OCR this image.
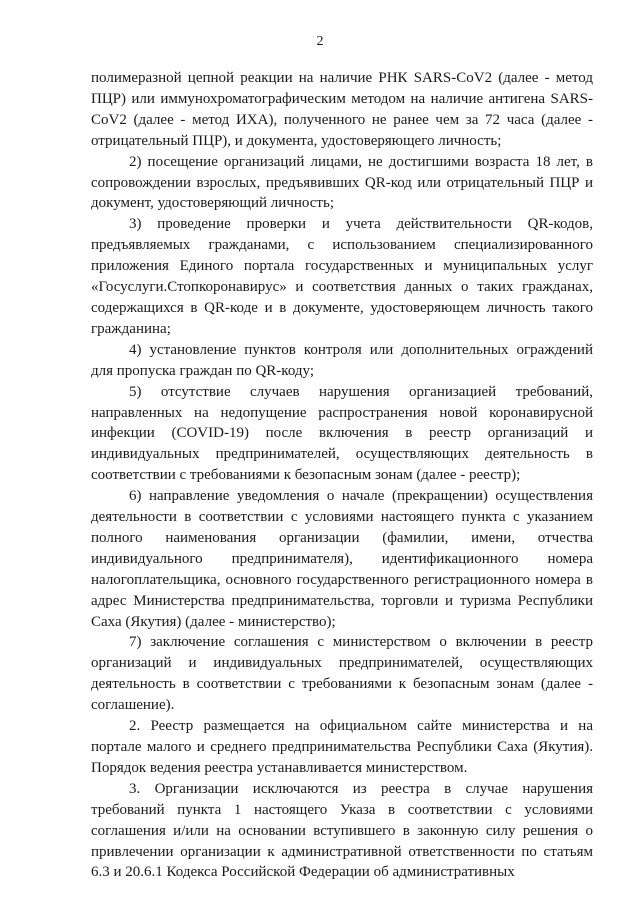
2

полимеразной цепной реакции на наличие РНК SARS-CoV2 (далее - метод ПЦР) или иммунохроматографическим методом на наличие антигена SARS-CoV2 (далее - метод ИХА), полученного не ранее чем за 72 часа (далее - отрицательный ПЦР), и документа, удостоверяющего личность;

2) посещение организаций лицами, не достигшими возраста 18 лет, в сопровождении взрослых, предъявивших QR-код или отрицательный ПЦР и документ, удостоверяющий личность;

3) проведение проверки и учета действительности QR-кодов, предъявляемых гражданами, с использованием специализированного приложения Единого портала государственных и муниципальных услуг «Госуслуги.Стопкоронавирус» и соответствия данных о таких гражданах, содержащихся в QR-коде и в документе, удостоверяющем личность такого гражданина;

4) установление пунктов контроля или дополнительных ограждений для пропуска граждан по QR-коду;

5) отсутствие случаев нарушения организацией требований, направленных на недопущение распространения новой коронавирусной инфекции (COVID-19) после включения в реестр организаций и индивидуальных предпринимателей, осуществляющих деятельность в соответствии с требованиями к безопасным зонам (далее - реестр);

6) направление уведомления о начале (прекращении) осуществления деятельности в соответствии с условиями настоящего пункта с указанием полного наименования организации (фамилии, имени, отчества индивидуального предпринимателя), идентификационного номера налогоплательщика, основного государственного регистрационного номера в адрес Министерства предпринимательства, торговли и туризма Республики Саха (Якутия) (далее - министерство);

7) заключение соглашения с министерством о включении в реестр организаций и индивидуальных предпринимателей, осуществляющих деятельность в соответствии с требованиями к безопасным зонам (далее - соглашение).

2. Реестр размещается на официальном сайте министерства и на портале малого и среднего предпринимательства Республики Саха (Якутия). Порядок ведения реестра устанавливается министерством.

3. Организации исключаются из реестра в случае нарушения требований пункта 1 настоящего Указа в соответствии с условиями соглашения и/или на основании вступившего в законную силу решения о привлечении организации к административной ответственности по статьям 6.3 и 20.6.1 Кодекса Российской Федерации об административных
